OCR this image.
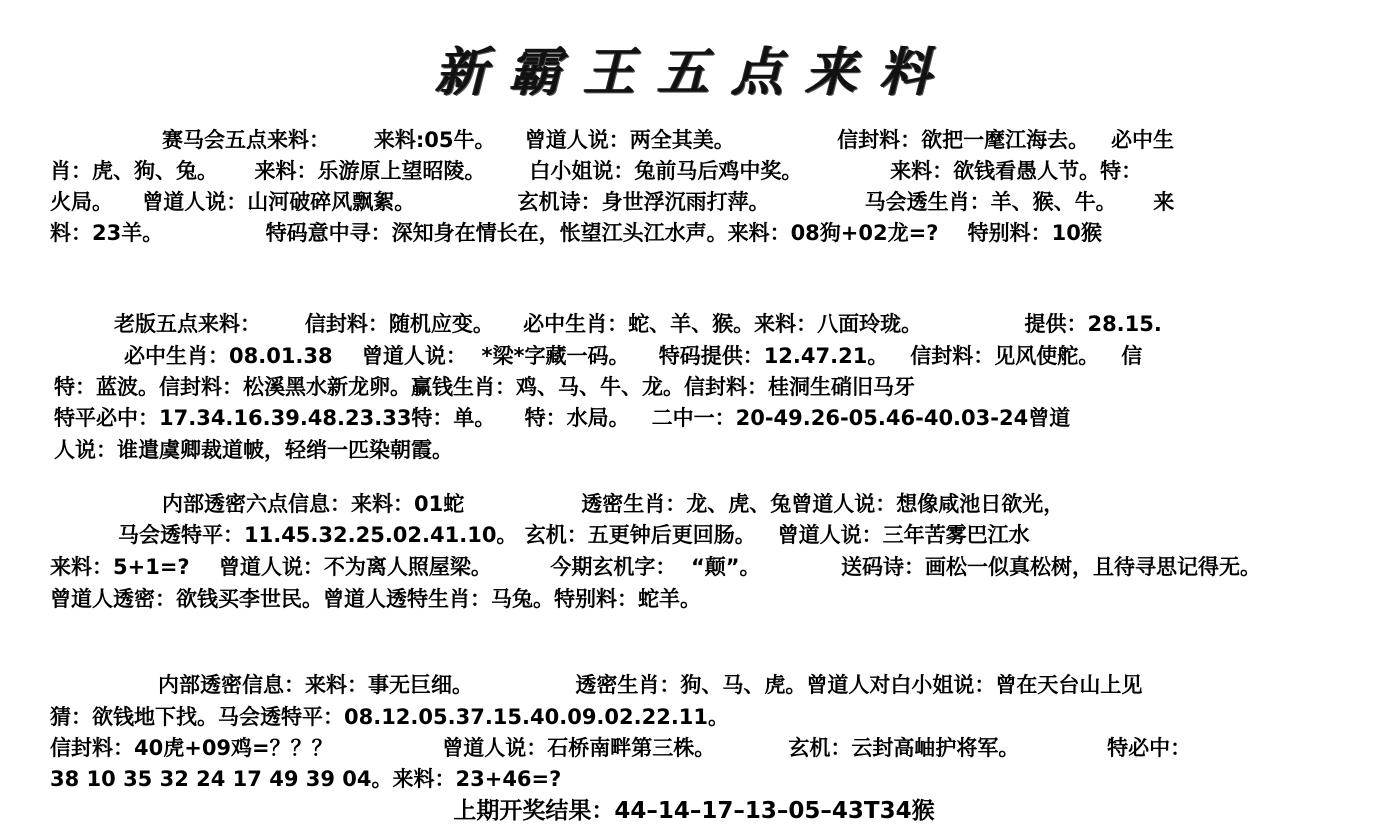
新霸王五点来料
赛马会五点来料：      来料:05牛。    曾道人说：两全其美。              信封料：欲把一麾江海去。   必中生
肖：虎、狗、兔。     来料：乐游原上望昭陵。      白小姐说：兔前马后鸡中奖。            来料：欲钱看愚人节。特：
火局。    曾道人说：山河破碎风飘絮。              玄机诗：身世浮沉雨打萍。             马会透生肖：羊、猴、牛。     来
料：23羊。              特码意中寻：深知身在情长在，怅望江头江水声。来料：08狗+02龙=?    特别料：10猴
老版五点来料：      信封料：随机应变。    必中生肖：蛇、羊、猴。来料：八面玲珑。              提供：28.15.
必中生肖：08.01.38    曾道人说：  *梁*字藏一码。    特码提供：12.47.21。   信封料：见风使舵。   信
特：蓝波。信封料：松溪黑水新龙卵。赢钱生肖：鸡、马、牛、龙。信封料：桂洞生硝旧马牙
特平必中：17.34.16.39.48.23.33特：单。    特：水局。   二中一：20-49.26-05.46-40.03-24曾道
人说：谁遣虞卿裁道帔，轻绡一匹染朝霞。
内部透密六点信息：来料：01蛇                透密生肖：龙、虎、兔曾道人说：想像咸池日欲光，
马会透特平：11.45.32.25.02.41.10。 玄机：五更钟后更回肠。   曾道人说：三年苦雾巴江水
来料：5+1=?    曾道人说：不为离人照屋梁。        今期玄机字：  “颠”。           送码诗：画松一似真松树，且待寻思记得无。
曾道人透密：欲钱买李世民。曾道人透特生肖：马兔。特别料：蛇羊。
内部透密信息：来料：事无巨细。              透密生肖：狗、马、虎。曾道人对白小姐说：曾在天台山上见
猜：欲钱地下找。马会透特平：08.12.05.37.15.40.09.02.22.11。
信封料：40虎+09鸡=？？？               曾道人说：石桥南畔第三株。          玄机：云封高岫护将军。            特必中：
38 10 35 32 24 17 49 39 04。来料：23+46=?
上期开奖结果：44–14–17–13–05–43T34猴
